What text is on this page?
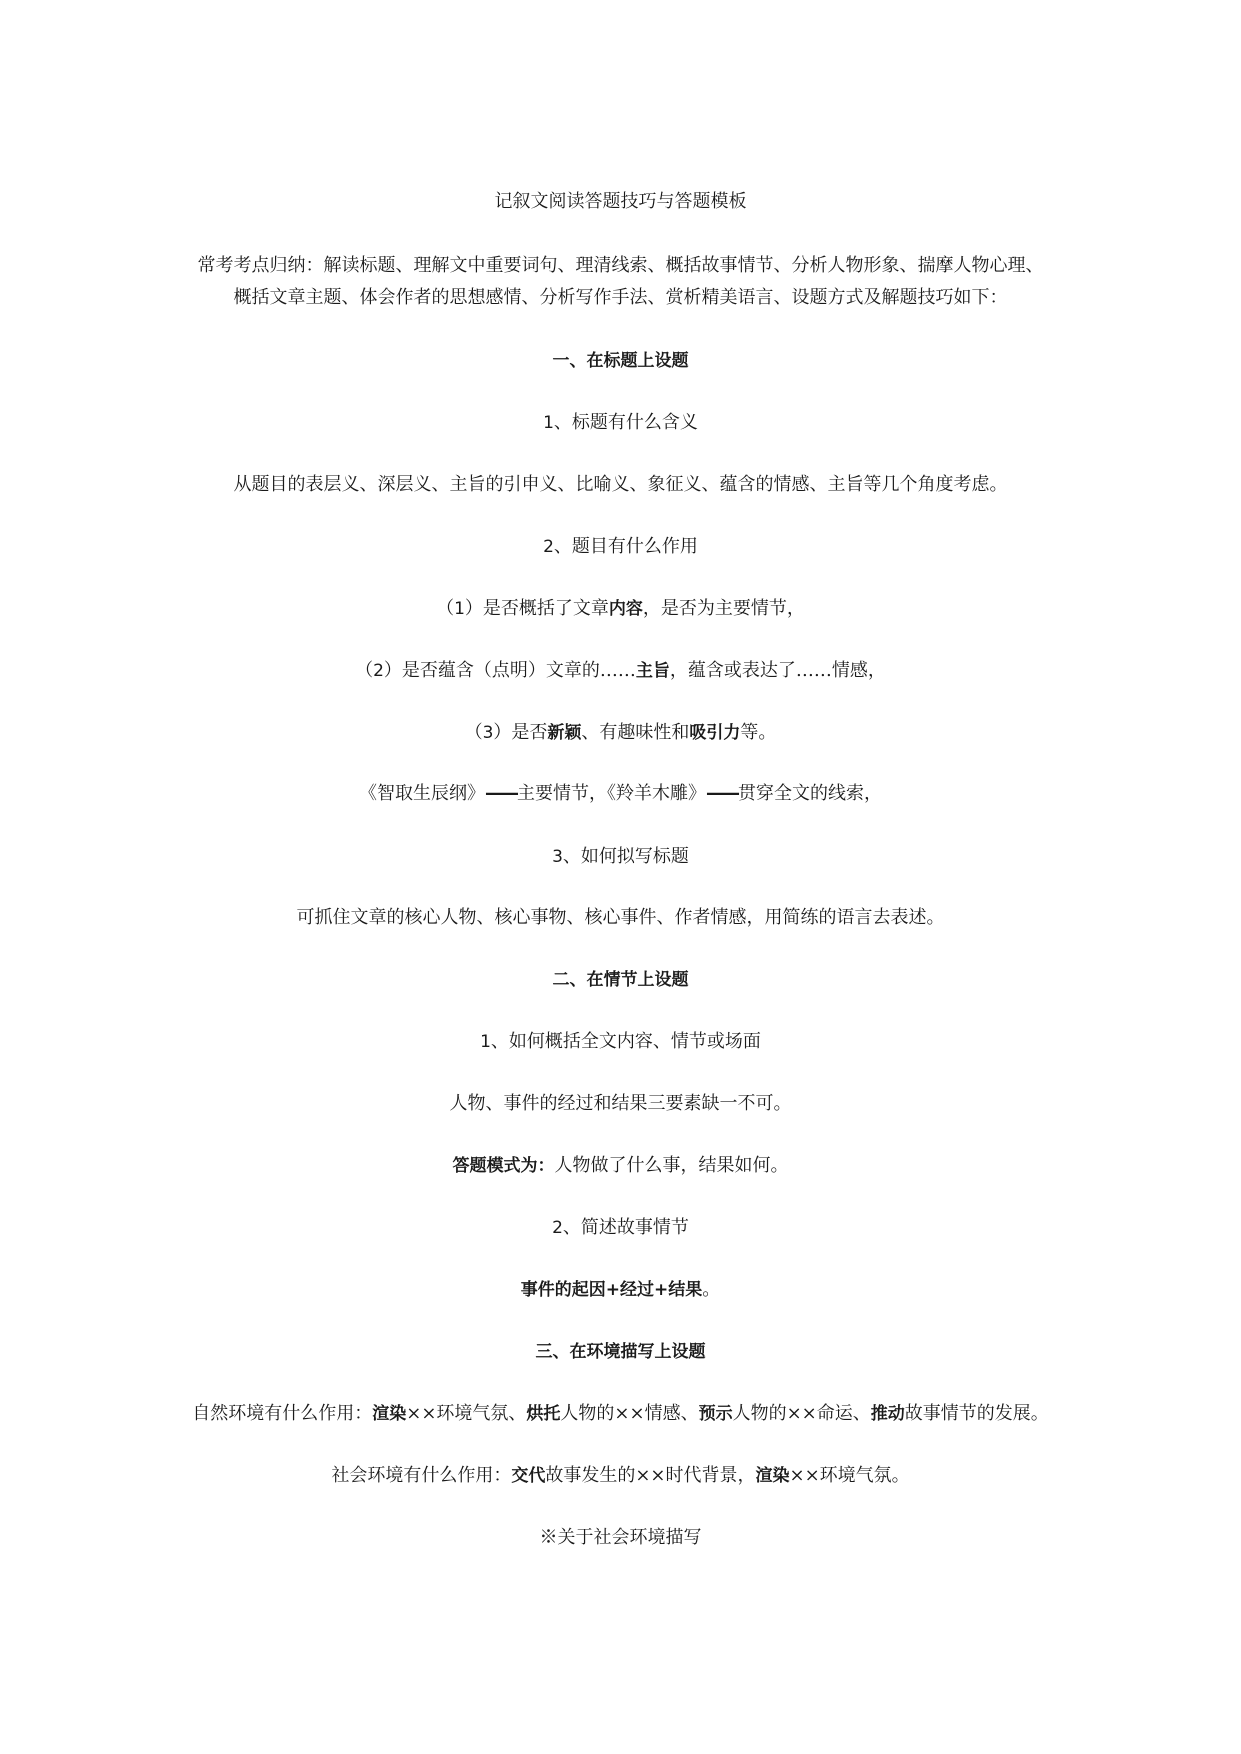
记叙文阅读答题技巧与答题模板
常考考点归纳：解读标题、理解文中重要词句、理清线索、概括故事情节、分析人物形象、揣摩人物心理、
概括文章主题、体会作者的思想感情、分析写作手法、赏析精美语言、设题方式及解题技巧如下：
一、在标题上设题
1、标题有什么含义
从题目的表层义、深层义、主旨的引申义、比喻义、象征义、蕴含的情感、主旨等几个角度考虑。
2、题目有什么作用
（1）是否概括了文章内容，是否为主要情节，
（2）是否蕴含（点明）文章的……主旨，蕴含或表达了……情感，
（3）是否新颖、有趣味性和吸引力等。
《智取生辰纲》——主要情节，《羚羊木雕》——贯穿全文的线索，
3、如何拟写标题
可抓住文章的核心人物、核心事物、核心事件、作者情感，用简练的语言去表述。
二、在情节上设题
1、如何概括全文内容、情节或场面
人物、事件的经过和结果三要素缺一不可。
答题模式为：人物做了什么事，结果如何。
2、简述故事情节
事件的起因+经过+结果。
三、在环境描写上设题
自然环境有什么作用：渲染××环境气氛、烘托人物的××情感、预示人物的××命运、推动故事情节的发展。
社会环境有什么作用：交代故事发生的××时代背景，渲染××环境气氛。
※关于社会环境描写
